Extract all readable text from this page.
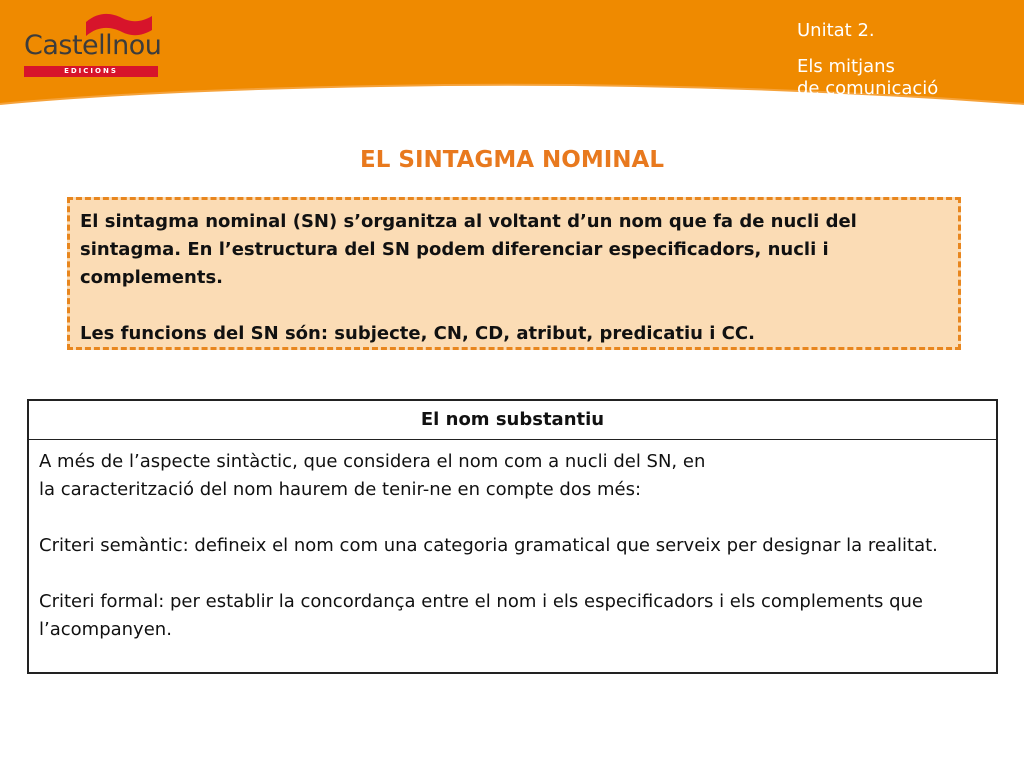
Castellnou
EDICIONS

Unitat 2.

Els mitjans
de comunicació

EL SINTAGMA NOMINAL

El sintagma nominal (SN) s’organitza al voltant d’un nom que fa de nucli del sintagma. En l’estructura del SN podem diferenciar especificadors, nucli i complements.

Les funcions del SN són: subjecte, CN, CD, atribut, predicatiu i CC.

El nom substantiu

A més de l’aspecte sintàctic, que considera el nom com a nucli del SN, en
la caracterització del nom haurem de tenir-ne en compte dos més:

Criteri semàntic: defineix el nom com una categoria gramatical que serveix per designar la realitat.

Criteri formal: per establir la concordança entre el nom i els especificadors i els complements que l’acompanyen.
